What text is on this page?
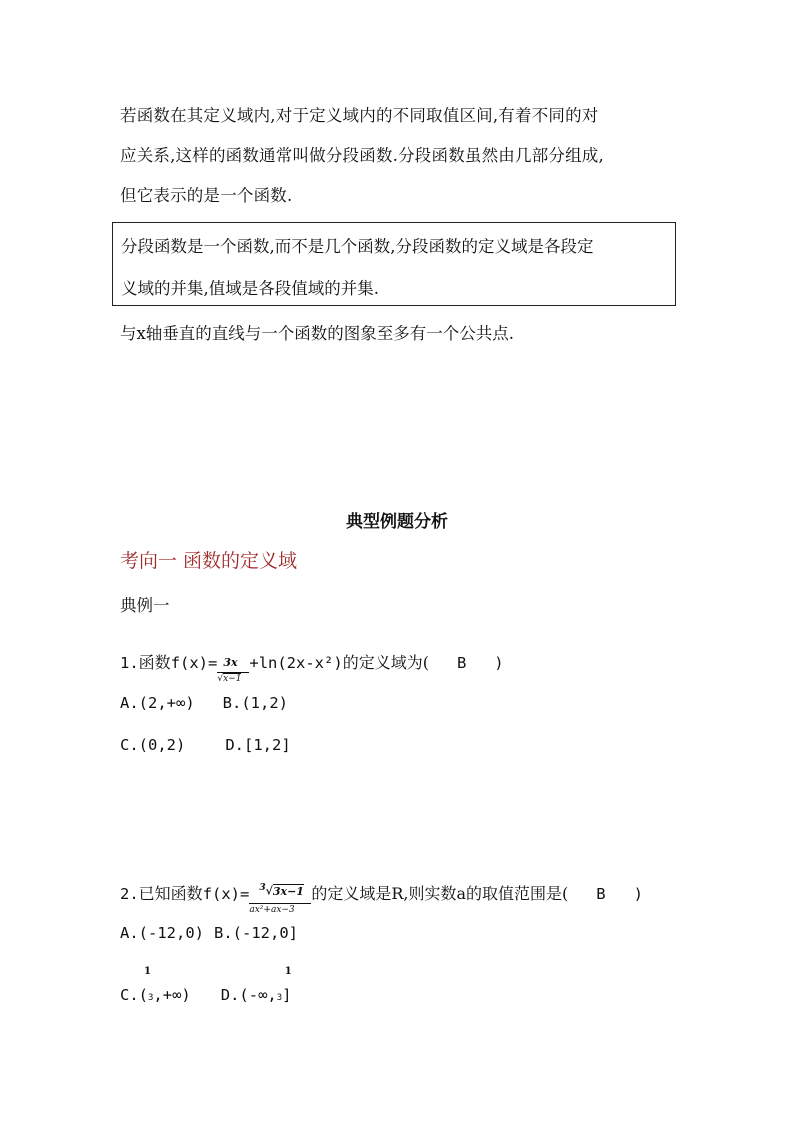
若函数在其定义域内,对于定义域内的不同取值区间,有着不同的对
应关系,这样的函数通常叫做分段函数.分段函数虽然由几部分组成,
但它表示的是一个函数.
分段函数是一个函数,而不是几个函数,分段函数的定义域是各段定
义域的并集,值域是各段值域的并集.
与x轴垂直的直线与一个函数的图象至多有一个公共点.
典型例题分析
考向一 函数的定义域
典例一
1.函数f(x)=
$\frac{3x}{√x-1}$
+ln(2x-x²)的定义域为( B )
A.(2,+∞) B.(1,2)
C.(0,2)	D.[1,2]
2.已知函数f(x)=
$\frac{^3√3x-1}{\text{ax²+ax−3}}$
的定义域是R,则实数a的取值范围是( B )
A.(-12,0) B.(-12,0]
C.(
1
3,+∞) D.(-∞,
1
3]
